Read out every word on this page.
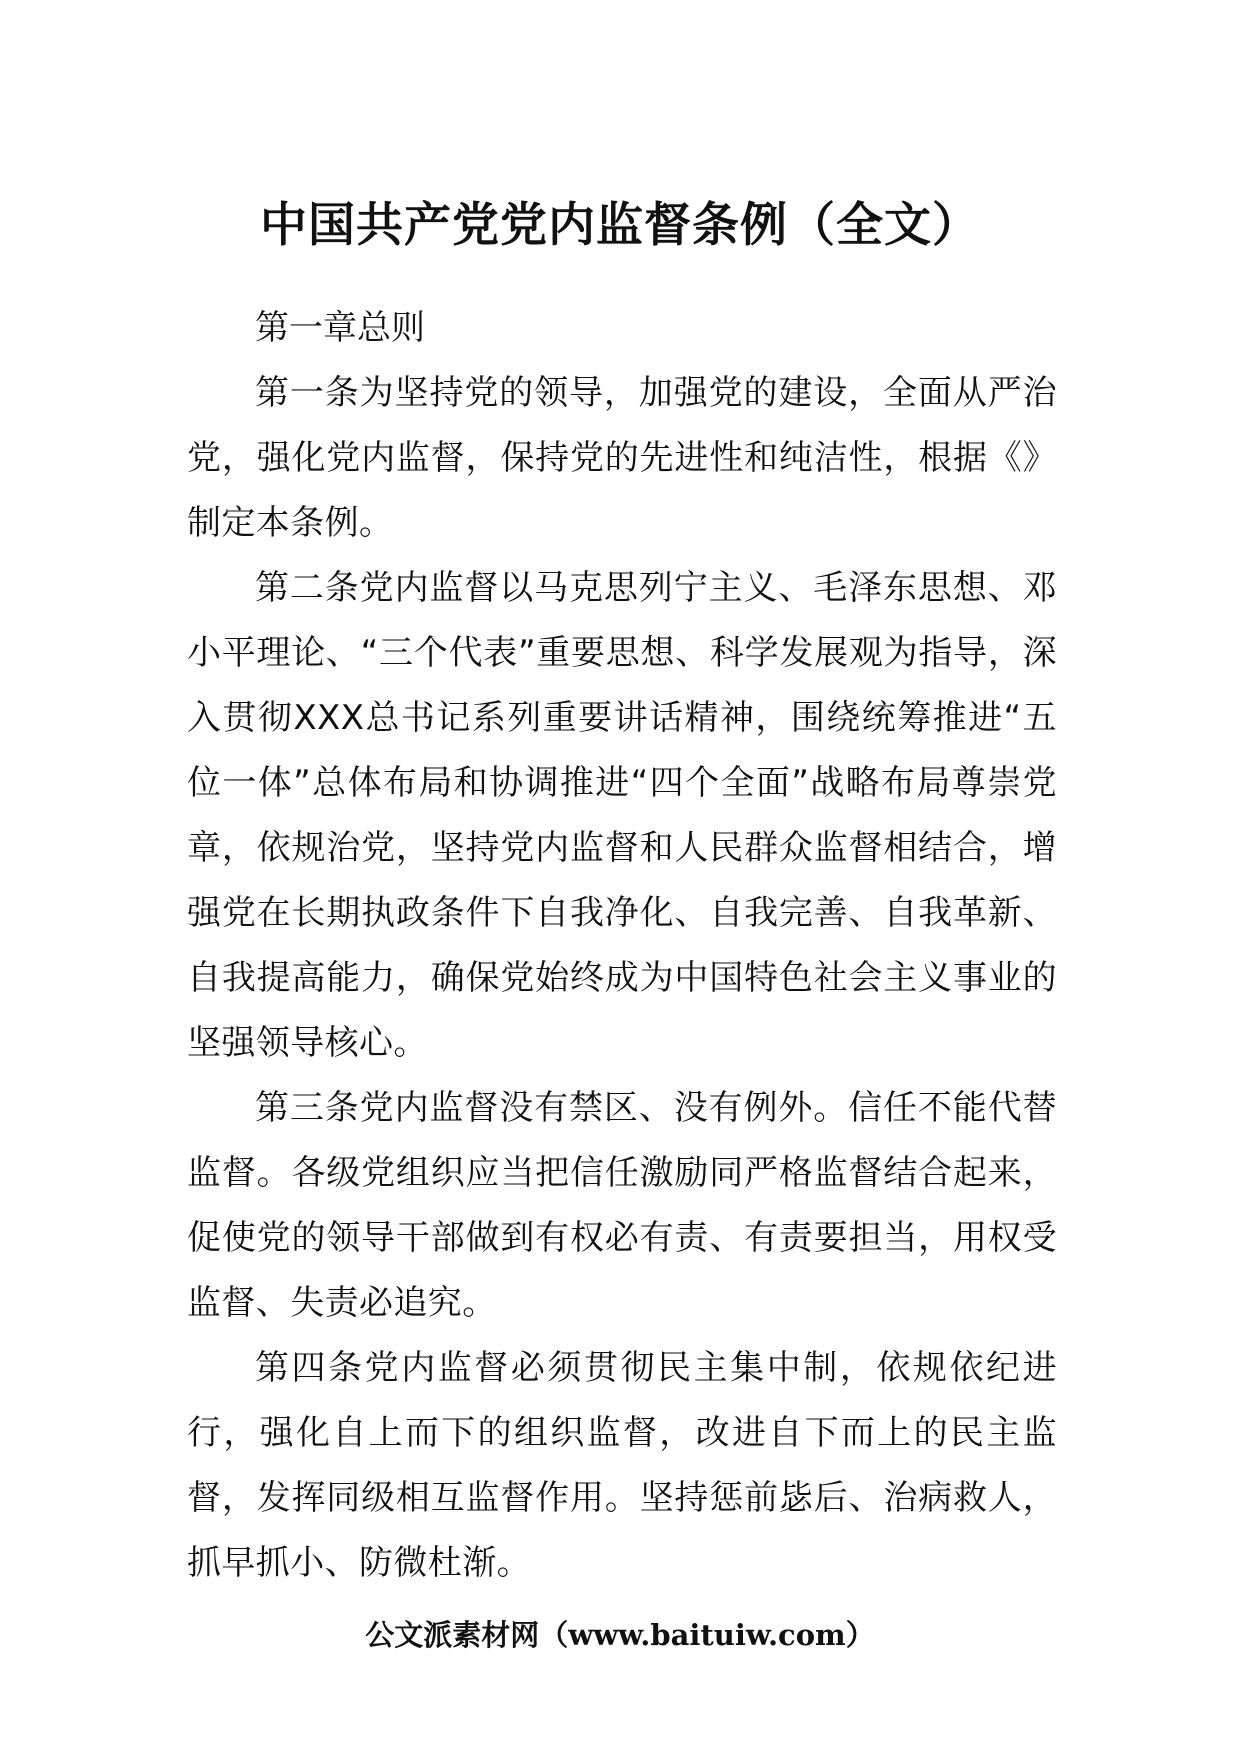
中国共产党党内监督条例（全文）

第一章总则

第一条为坚持党的领导，加强党的建设，全面从严治党，强化党内监督，保持党的先进性和纯洁性，根据《》制定本条例。

第二条党内监督以马克思列宁主义、毛泽东思想、邓小平理论、“三个代表”重要思想、科学发展观为指导，深入贯彻XXX总书记系列重要讲话精神，围绕统筹推进“五位一体”总体布局和协调推进“四个全面”战略布局尊崇党章，依规治党，坚持党内监督和人民群众监督相结合，增强党在长期执政条件下自我净化、自我完善、自我革新、自我提高能力，确保党始终成为中国特色社会主义事业的坚强领导核心。

第三条党内监督没有禁区、没有例外。信任不能代替监督。各级党组织应当把信任激励同严格监督结合起来，促使党的领导干部做到有权必有责、有责要担当，用权受监督、失责必追究。

第四条党内监督必须贯彻民主集中制，依规依纪进行，强化自上而下的组织监督，改进自下而上的民主监督，发挥同级相互监督作用。坚持惩前毖后、治病救人，抓早抓小、防微杜渐。

公文派素材网（www.baituiw.com）
